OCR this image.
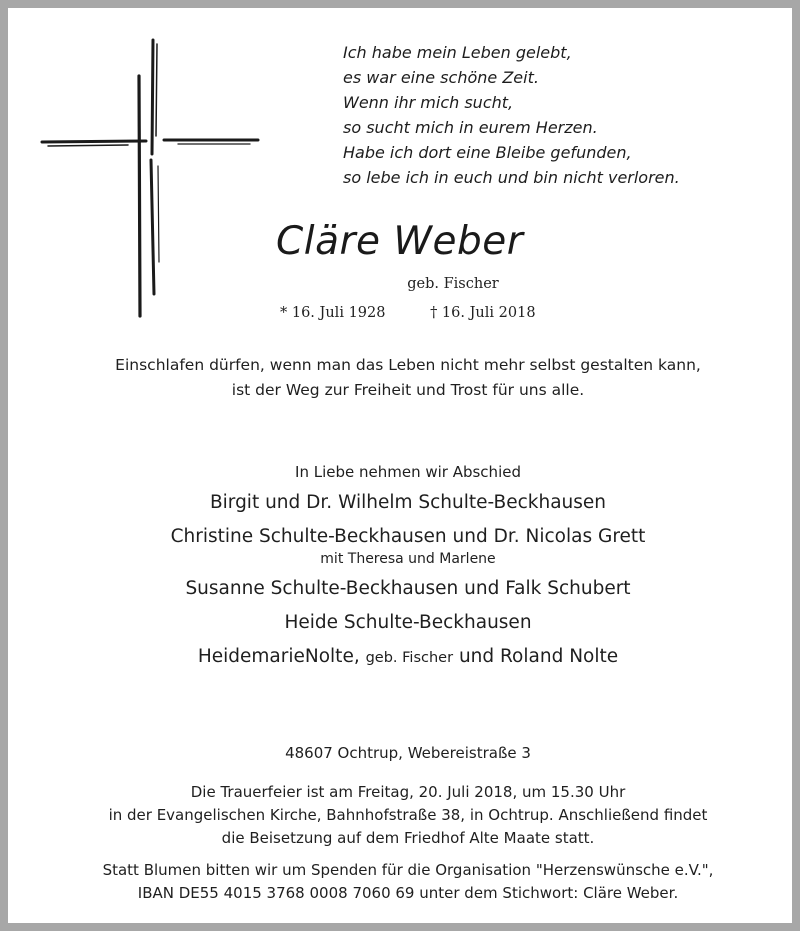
Ich habe mein Leben gelebt,
es war eine schöne Zeit.
Wenn ihr mich sucht,
so sucht mich in eurem Herzen.
Habe ich dort eine Bleibe gefunden,
so lebe ich in euch und bin nicht verloren.
Cläre Weber
geb. Fischer
* 16. Juli 1928	† 16. Juli 2018
Einschlafen dürfen, wenn man das Leben nicht mehr selbst gestalten kann,
ist der Weg zur Freiheit und Trost für uns alle.
In Liebe nehmen wir Abschied
Birgit und Dr. Wilhelm Schulte-Beckhausen
Christine Schulte-Beckhausen und Dr. Nicolas Grett
mit Theresa und Marlene
Susanne Schulte-Beckhausen und Falk Schubert
Heide Schulte-Beckhausen
HeidemarieNolte, geb. Fischer und Roland Nolte
48607 Ochtrup, Webereistraße 3
Die Trauerfeier ist am Freitag, 20. Juli 2018, um 15.30 Uhr
in der Evangelischen Kirche, Bahnhofstraße 38, in Ochtrup. Anschließend findet
die Beisetzung auf dem Friedhof Alte Maate statt.
Statt Blumen bitten wir um Spenden für die Organisation "Herzenswünsche e.V.",
IBAN DE55 4015 3768 0008 7060 69 unter dem Stichwort: Cläre Weber.
